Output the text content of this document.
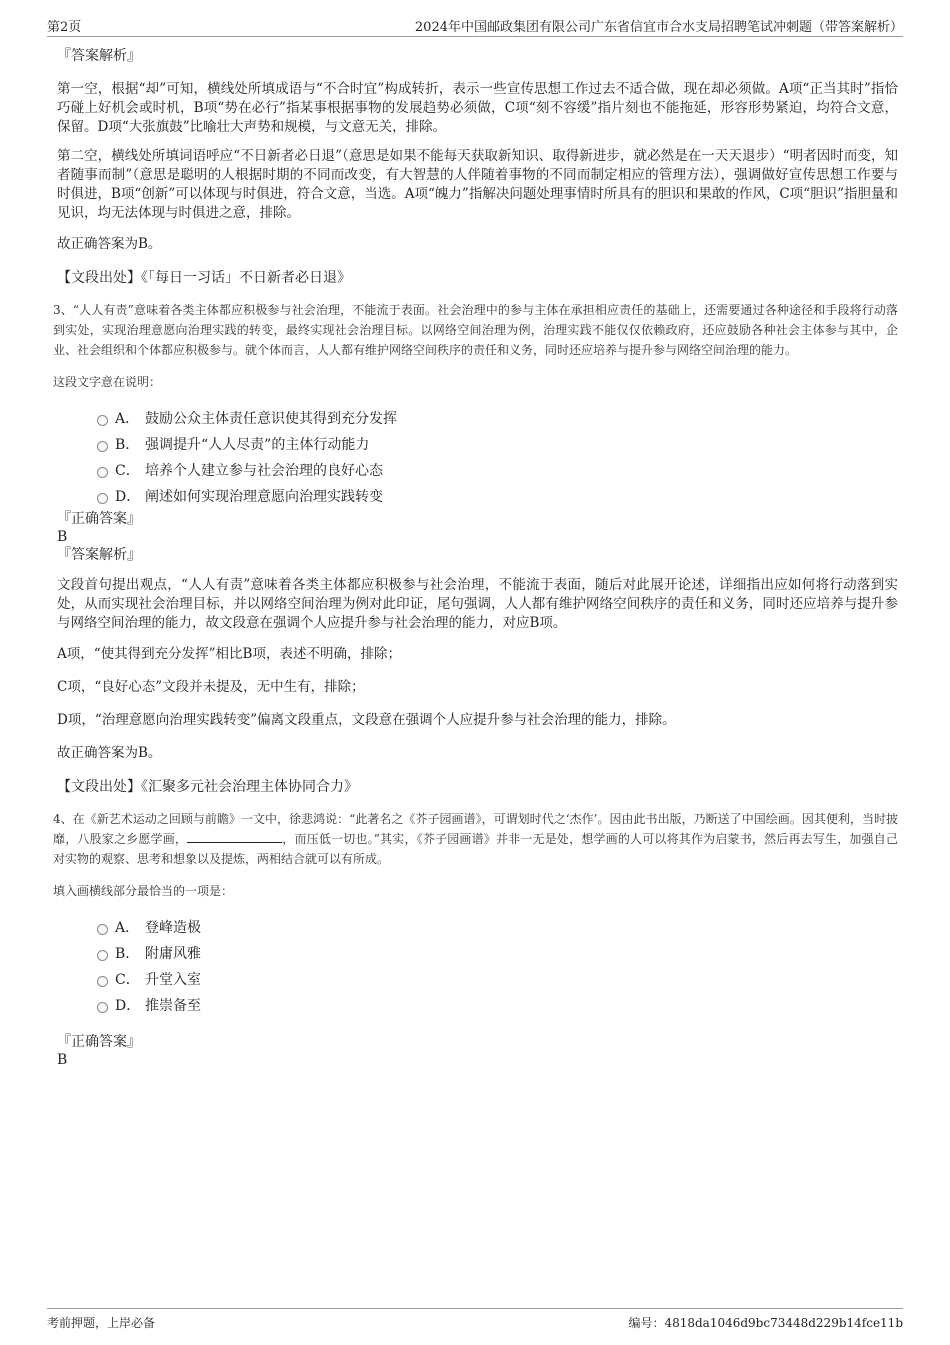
第2页	2024年中国邮政集团有限公司广东省信宜市合水支局招聘笔试冲刺题（带答案解析）

『答案解析』

第一空，根据“却”可知，横线处所填成语与“不合时宜”构成转折，表示一些宣传思想工作过去不适合做，现在却必须做。A项“正当其时”指恰巧碰上好机会或时机，B项“势在必行”指某事根据事物的发展趋势必须做，C项“刻不容缓”指片刻也不能拖延，形容形势紧迫，均符合文意，保留。D项“大张旗鼓”比喻壮大声势和规模，与文意无关，排除。

第二空，横线处所填词语呼应“不日新者必日退”（意思是如果不能每天获取新知识、取得新进步，就必然是在一天天退步）“明者因时而变，知者随事而制”（意思是聪明的人根据时期的不同而改变，有大智慧的人伴随着事物的不同而制定相应的管理方法），强调做好宣传思想工作要与时俱进，B项“创新”可以体现与时俱进，符合文意，当选。A项“魄力”指解决问题处理事情时所具有的胆识和果敢的作风，C项“胆识”指胆量和见识，均无法体现与时俱进之意，排除。

故正确答案为B。

【文段出处】《「每日一习话」不日新者必日退》

3、“人人有责”意味着各类主体都应积极参与社会治理，不能流于表面。社会治理中的参与主体在承担相应责任的基础上，还需要通过各种途径和手段将行动落到实处，实现治理意愿向治理实践的转变，最终实现社会治理目标。以网络空间治理为例，治理实践不能仅仅依赖政府，还应鼓励各种社会主体参与其中，企业、社会组织和个体都应积极参与。就个体而言，人人都有维护网络空间秩序的责任和义务，同时还应培养与提升参与网络空间治理的能力。

这段文字意在说明：

A． 鼓励公众主体责任意识使其得到充分发挥
B． 强调提升“人人尽责”的主体行动能力
C． 培养个人建立参与社会治理的良好心态
D． 阐述如何实现治理意愿向治理实践转变

『正确答案』

B

『答案解析』

文段首句提出观点，“人人有责”意味着各类主体都应积极参与社会治理，不能流于表面，随后对此展开论述，详细指出应如何将行动落到实处，从而实现社会治理目标，并以网络空间治理为例对此印证，尾句强调，人人都有维护网络空间秩序的责任和义务，同时还应培养与提升参与网络空间治理的能力，故文段意在强调个人应提升参与社会治理的能力，对应B项。

A项，“使其得到充分发挥”相比B项，表述不明确，排除；

C项，“良好心态”文段并未提及，无中生有，排除；

D项，“治理意愿向治理实践转变”偏离文段重点，文段意在强调个人应提升参与社会治理的能力，排除。

故正确答案为B。

【文段出处】《汇聚多元社会治理主体协同合力》

4、在《新艺术运动之回顾与前瞻》一文中，徐悲鸿说：“此著名之《芥子园画谱》，可谓划时代之‘杰作’。因由此书出版，乃断送了中国绘画。因其便利，当时披靡，八股家之乡愿学画，	，而压低一切也。”其实，《芥子园画谱》并非一无是处，想学画的人可以将其作为启蒙书，然后再去写生，加强自己对实物的观察、思考和想象以及提炼，两相结合就可以有所成。

填入画横线部分最恰当的一项是：

A． 登峰造极
B． 附庸风雅
C． 升堂入室
D． 推崇备至

『正确答案』

B

考前押题，上岸必备	编号：4818da1046d9bc73448d229b14fce11b
